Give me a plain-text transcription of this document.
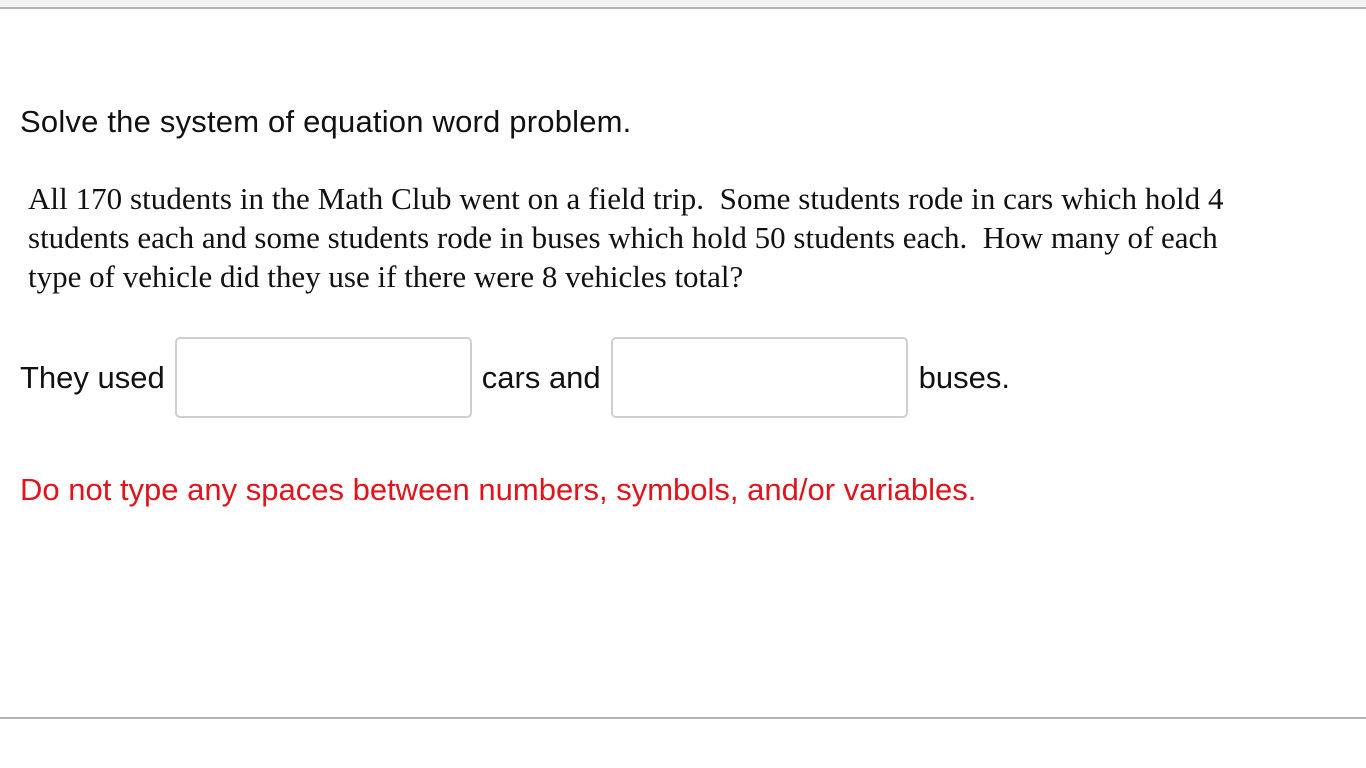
Solve the system of equation word problem.
All 170 students in the Math Club went on a field trip.  Some students rode in cars which hold 4
students each and some students rode in buses which hold 50 students each.  How many of each
type of vehicle did they use if there were 8 vehicles total?
They used	cars and	buses.
Do not type any spaces between numbers, symbols, and/or variables.
